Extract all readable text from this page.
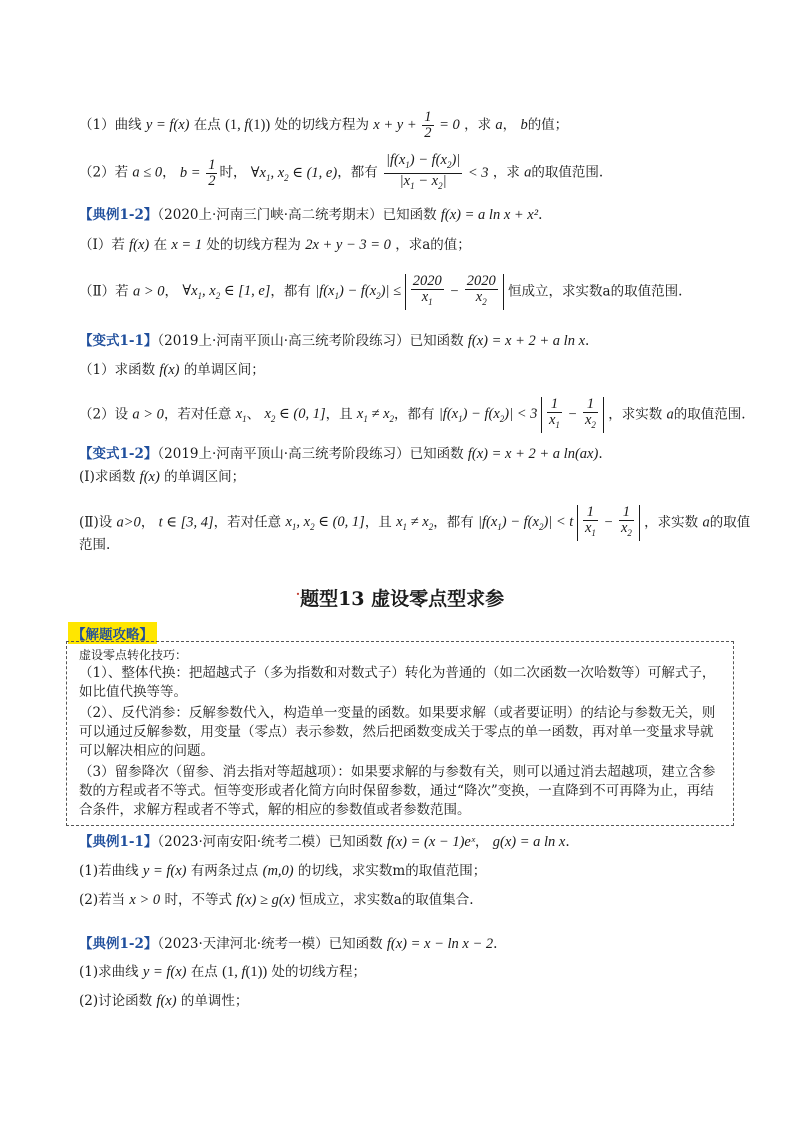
（1）曲线 y = f(x) 在点 (1, f(1)) 处的切线方程为 $x + y + \frac{1}{2} = 0$ ，求 a， b的值；
（2）若 a ≤ 0， $b = \frac{1}{2}$ 时， $\forall x_1$, $x_2$ ∈ (1, e)，都有 $\frac{|f(x_1) - f(x_2)|}{|x_1 - x_2|} < 3$ ，求 a的取值范围.
【典例1-2】（2020上·河南三门峡·高二统考期末）已知函数 f(x) = a ln x + x².
（Ⅰ）若 f(x) 在 x = 1 处的切线方程为 2x + y − 3 = 0 ，求a的值；
（Ⅱ）若 a > 0， $\forall x_1$, $x_2$ ∈ [1, e]，都有 $|f(x_1) - f(x_2)| \le \frac{2020}{x_1} - \frac{2020}{x_2}$ 恒成立，求实数a的取值范围.
【变式1-1】（2019上·河南平顶山·高三统考阶段练习）已知函数 f(x) = x + 2 + a ln x.
（1）求函数 f(x) 的单调区间；
（2）设 a > 0，若对任意 $x_1$、 $x_2$ ∈ (0, 1]，且 $x_1 \ne x_2$，都有 $|f(x_1) - f(x_2)| < 3 \frac{1}{x_1} - \frac{1}{x_2}$ ，求实数 a的取值范围.
【变式1-2】（2019上·河南平顶山·高三统考阶段练习）已知函数 f(x) = x + 2 + a ln(ax).
(Ⅰ)求函数 f(x) 的单调区间；
(Ⅱ)设 a>0， t ∈ [3, 4]，若对任意 $x_1$, $x_2$ ∈ (0, 1]，且 $x_1 \ne x_2$，都有 $|f(x_1) - f(x_2)| < t \frac{1}{x_1} - \frac{1}{x_2}$ ，求实数 a的取值
范围.
.题型13 虚设零点型求参
【解题攻略】

虚设零点转化技巧：

（1）、整体代换：把超越式子（多为指数和对数式子）转化为普通的（如二次函数一次哈数等）可解式子，如比值代换等等。

（2）、反代消参：反解参数代入，构造单一变量的函数。如果要求解（或者要证明）的结论与参数无关，则可以通过反解参数，用变量（零点）表示参数，然后把函数变成关于零点的单一函数，再对单一变量求导就可以解决相应的问题。

（3）留参降次（留参、消去指对等超越项）：如果要求解的与参数有关，则可以通过消去超越项，建立含参数的方程或者不等式。恒等变形或者化简方向时保留参数，通过“降次”变换，一直降到不可再降为止，再结合条件，求解方程或者不等式，解的相应的参数值或者参数范围。

【典例1-1】（2023·河南安阳·统考二模）已知函数 f(x) = (x − 1)eˣ， g(x) = a ln x.
(1)若曲线 y = f(x) 有两条过点 (m,0) 的切线，求实数m的取值范围；
(2)若当 x > 0 时，不等式 f(x) ≥ g(x) 恒成立，求实数a的取值集合.
【典例1-2】（2023·天津河北·统考一模）已知函数 f(x) = x − ln x − 2.
(1)求曲线 y = f(x) 在点 (1, f(1)) 处的切线方程；
(2)讨论函数 f(x) 的单调性；
